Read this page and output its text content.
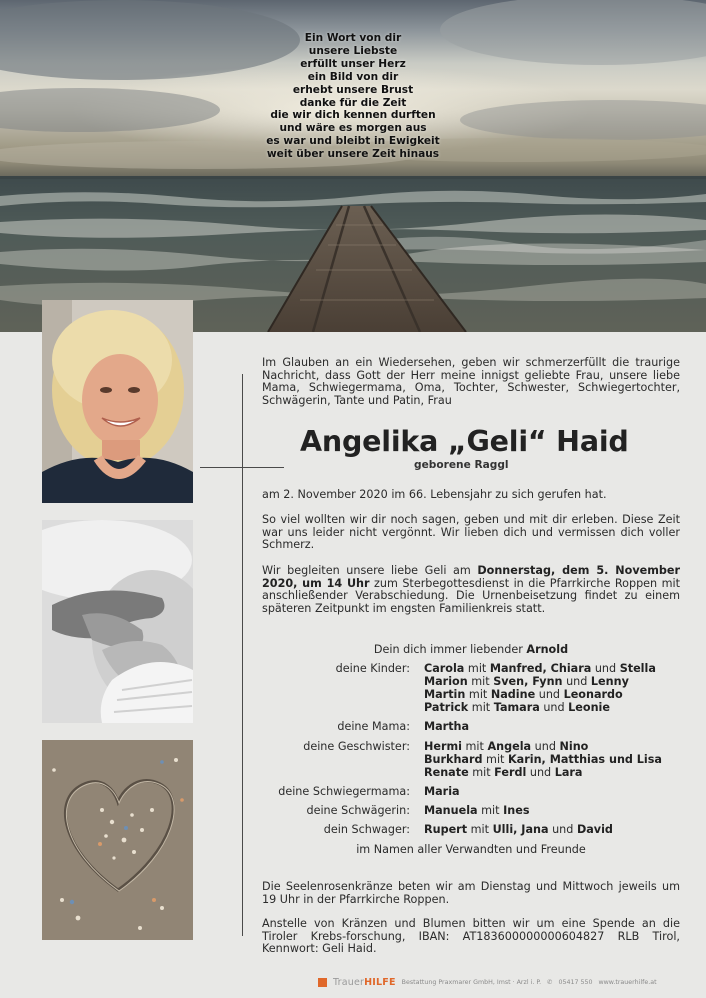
Ein Wort von dir
unsere Liebste
erfüllt unser Herz
ein Bild von dir
erhebt unsere Brust
danke für die Zeit
die wir dich kennen durften
und wäre es morgen aus
es war und bleibt in Ewigkeit
weit über unsere Zeit hinaus
Im Glauben an ein Wiedersehen, geben wir schmerzerfüllt die traurige Nachricht, dass Gott der Herr meine innigst geliebte Frau, unsere liebe Mama, Schwiegermama, Oma, Tochter, Schwester, Schwiegertochter, Schwägerin, Tante und Patin, Frau
Angelika „Geli“ Haid
geborene Raggl
am 2. November 2020 im 66. Lebensjahr zu sich gerufen hat.
So viel wollten wir dir noch sagen, geben und mit dir erleben. Diese Zeit war uns leider nicht vergönnt. Wir lieben dich und vermissen dich voller Schmerz.
Wir begleiten unsere liebe Geli am Donnerstag, dem 5. November 2020, um 14 Uhr zum Sterbegottesdienst in die Pfarrkirche Roppen mit anschließender Verabschiedung. Die Urnenbeisetzung findet zu einem späteren Zeitpunkt im engsten Familienkreis statt.
Dein dich immer liebender Arnold
deine Kinder: Carola mit Manfred, Chiara und Stella
Marion mit Sven, Fynn und Lenny
Martin mit Nadine und Leonardo
Patrick mit Tamara und Leonie
deine Mama: Martha
deine Geschwister: Hermi mit Angela und Nino
Burkhard mit Karin, Matthias und Lisa
Renate mit Ferdl und Lara
deine Schwiegermama: Maria
deine Schwägerin: Manuela mit Ines
dein Schwager: Rupert mit Ulli, Jana und David
im Namen aller Verwandten und Freunde
Die Seelenrosenkränze beten wir am Dienstag und Mittwoch jeweils um 19 Uhr in der Pfarrkirche Roppen.
Anstelle von Kränzen und Blumen bitten wir um eine Spende an die Tiroler Krebs-forschung, IBAN: AT183600000000604827 RLB Tirol, Kennwort: Geli Haid.
TrauerHILFE Bestattung Praxmarer GmbH, Imst · Arzl i. P. ✆ 05417 550 www.trauerhilfe.at
